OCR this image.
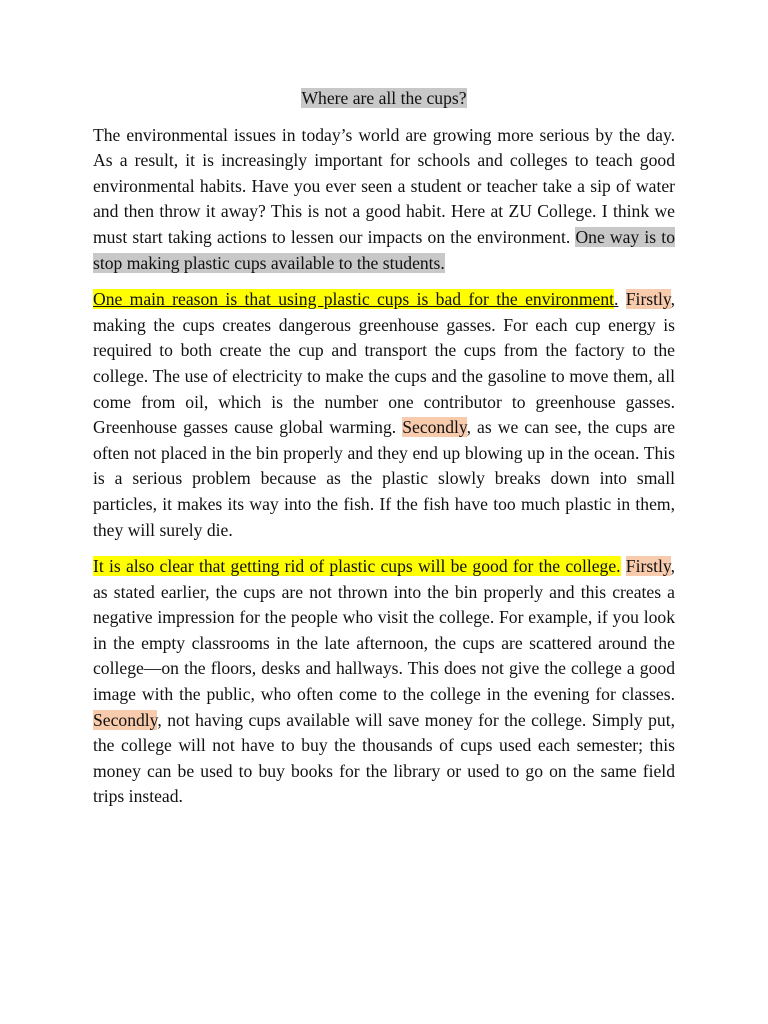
Where are all the cups?

The environmental issues in today’s world are growing more serious by the day. As a result, it is increasingly important for schools and colleges to teach good environmental habits. Have you ever seen a student or teacher take a sip of water and then throw it away? This is not a good habit. Here at ZU College. I think we must start taking actions to lessen our impacts on the environment. One way is to stop making plastic cups available to the students.

One main reason is that using plastic cups is bad for the environment. Firstly, making the cups creates dangerous greenhouse gasses. For each cup energy is required to both create the cup and transport the cups from the factory to the college. The use of electricity to make the cups and the gasoline to move them, all come from oil, which is the number one contributor to greenhouse gasses. Greenhouse gasses cause global warming. Secondly, as we can see, the cups are often not placed in the bin properly and they end up blowing up in the ocean. This is a serious problem because as the plastic slowly breaks down into small particles, it makes its way into the fish. If the fish have too much plastic in them, they will surely die.

It is also clear that getting rid of plastic cups will be good for the college. Firstly, as stated earlier, the cups are not thrown into the bin properly and this creates a negative impression for the people who visit the college. For example, if you look in the empty classrooms in the late afternoon, the cups are scattered around the college—on the floors, desks and hallways. This does not give the college a good image with the public, who often come to the college in the evening for classes. Secondly, not having cups available will save money for the college. Simply put, the college will not have to buy the thousands of cups used each semester; this money can be used to buy books for the library or used to go on the same field trips instead.
